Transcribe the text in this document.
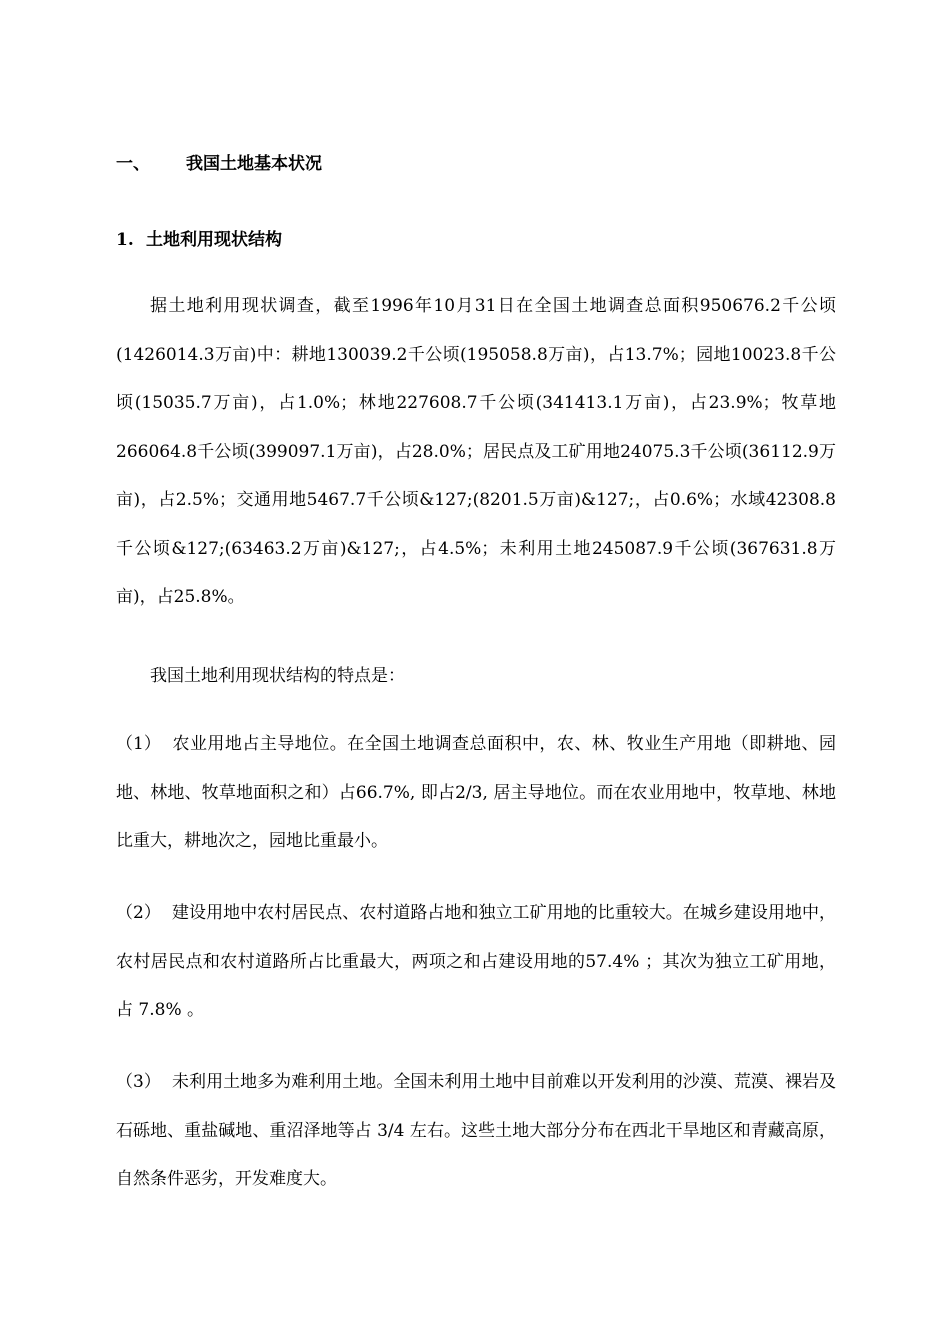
一、 我国土地基本状况
1. 土地利用现状结构
据土地利用现状调查，截至1996年10月31日在全国土地调查总面积950676.2千公顷(1426014.3万亩)中：耕地130039.2千公顷(195058.8万亩)，占13.7%；园地10023.8千公顷(15035.7万亩)，占1.0%；林地227608.7千公顷(341413.1万亩)，占23.9%；牧草地266064.8千公顷(399097.1万亩)，占28.0%；居民点及工矿用地24075.3千公顷(36112.9万亩)，占2.5%；交通用地5467.7千公顷&127;(8201.5万亩)&127;，占0.6%；水域42308.8千公顷&127;(63463.2万亩)&127;，占4.5%；未利用土地245087.9千公顷(367631.8万亩)，占25.8%。
我国土地利用现状结构的特点是：
（1） 农业用地占主导地位。在全国土地调查总面积中，农、林、牧业生产用地（即耕地、园地、林地、牧草地面积之和）占66.7%, 即占2/3, 居主导地位。而在农业用地中，牧草地、林地比重大，耕地次之，园地比重最小。
（2） 建设用地中农村居民点、农村道路占地和独立工矿用地的比重较大。在城乡建设用地中，农村居民点和农村道路所占比重最大，两项之和占建设用地的57.4% ；其次为独立工矿用地，占 7.8% 。
（3） 未利用土地多为难利用土地。全国未利用土地中目前难以开发利用的沙漠、荒漠、裸岩及石砾地、重盐碱地、重沼泽地等占 3/4 左右。这些土地大部分分布在西北干旱地区和青藏高原，自然条件恶劣，开发难度大。
